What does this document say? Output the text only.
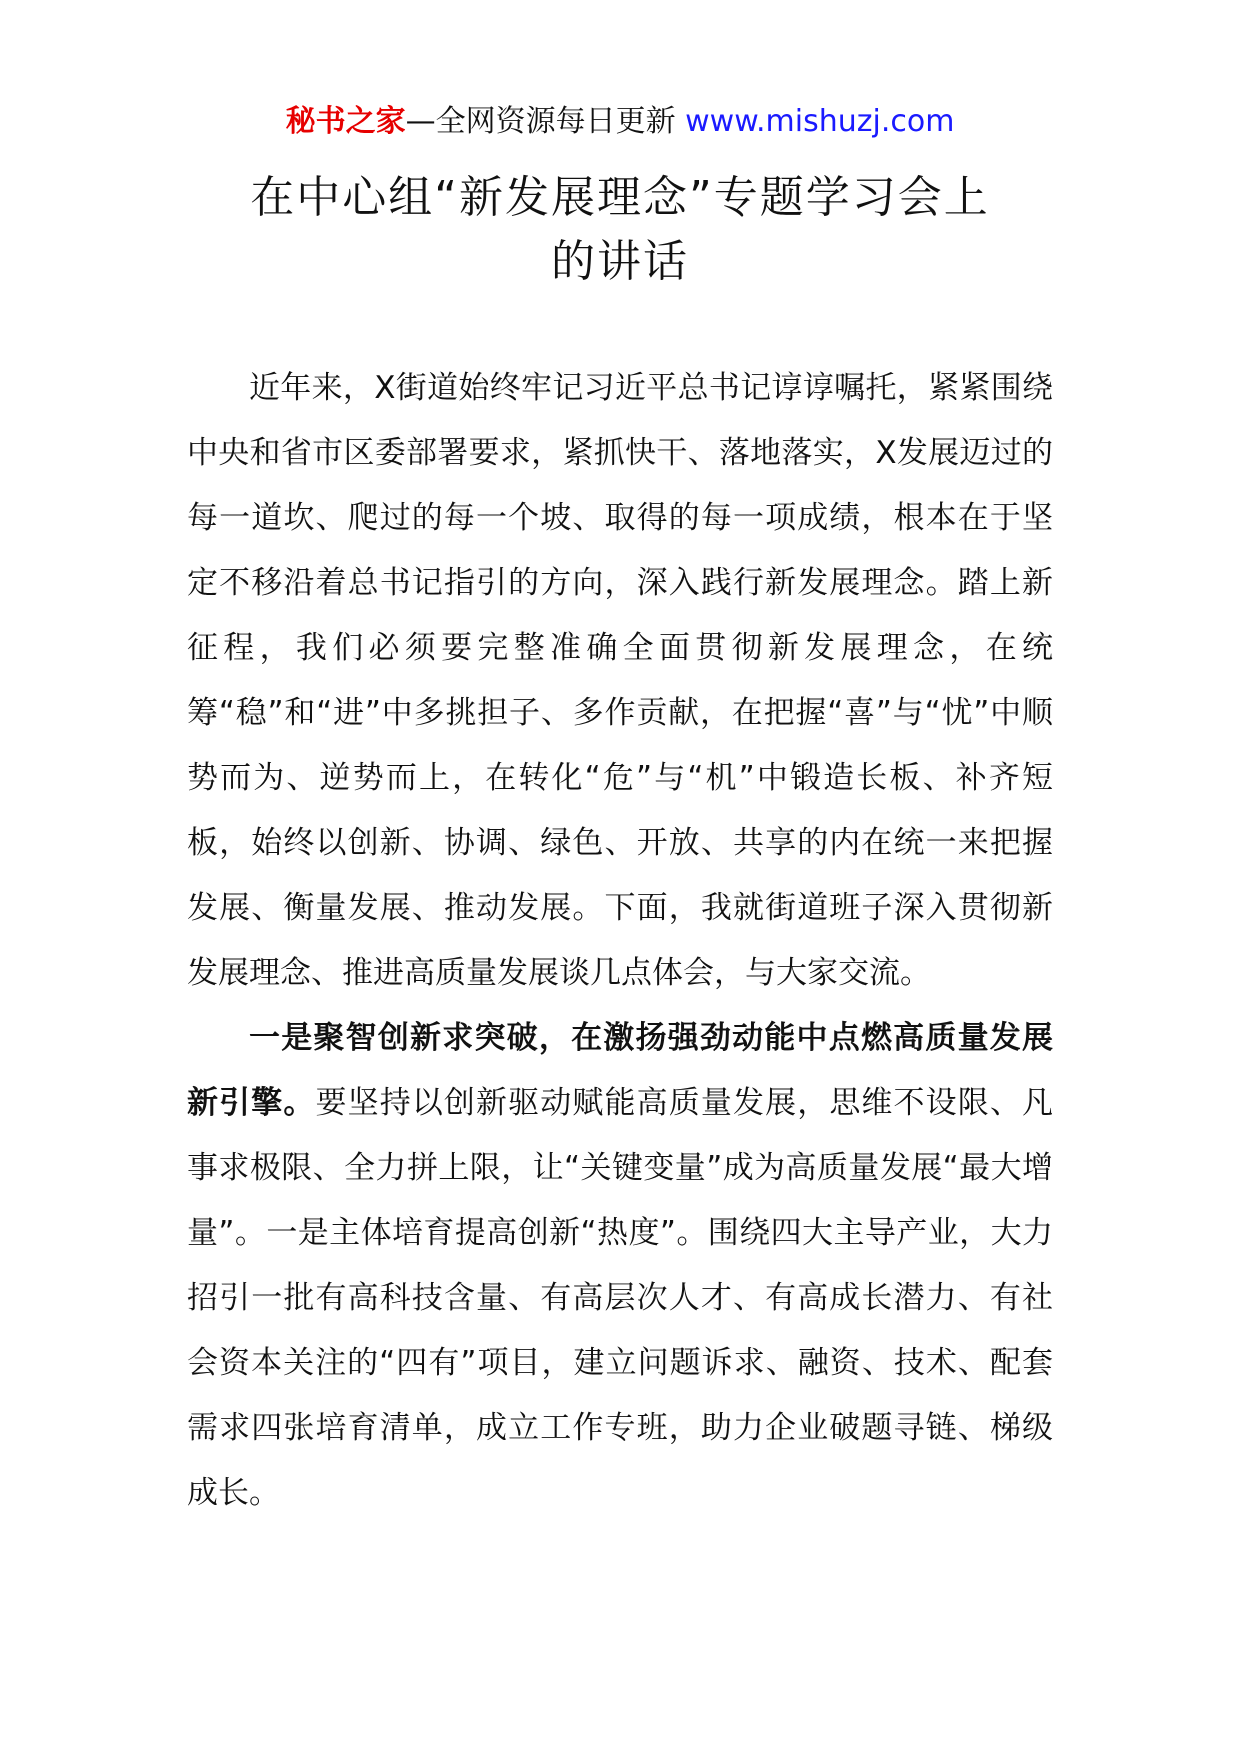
秘书之家—全网资源每日更新 www.mishuzj.com
在中心组“新发展理念”专题学习会上
的讲话

近年来，X街道始终牢记习近平总书记谆谆嘱托，紧紧围绕中央和省市区委部署要求，紧抓快干、落地落实，X发展迈过的每一道坎、爬过的每一个坡、取得的每一项成绩，根本在于坚定不移沿着总书记指引的方向，深入践行新发展理念。踏上新征程，我们必须要完整准确全面贯彻新发展理念，在统筹“稳”和“进”中多挑担子、多作贡献，在把握“喜”与“忧”中顺势而为、逆势而上，在转化“危”与“机”中锻造长板、补齐短板，始终以创新、协调、绿色、开放、共享的内在统一来把握发展、衡量发展、推动发展。下面，我就街道班子深入贯彻新发展理念、推进高质量发展谈几点体会，与大家交流。

一是聚智创新求突破，在激扬强劲动能中点燃高质量发展新引擎。要坚持以创新驱动赋能高质量发展，思维不设限、凡事求极限、全力拼上限，让“关键变量”成为高质量发展“最大增量”。一是主体培育提高创新“热度”。围绕四大主导产业，大力招引一批有高科技含量、有高层次人才、有高成长潜力、有社会资本关注的“四有”项目，建立问题诉求、融资、技术、配套需求四张培育清单，成立工作专班，助力企业破题寻链、梯级成长。
